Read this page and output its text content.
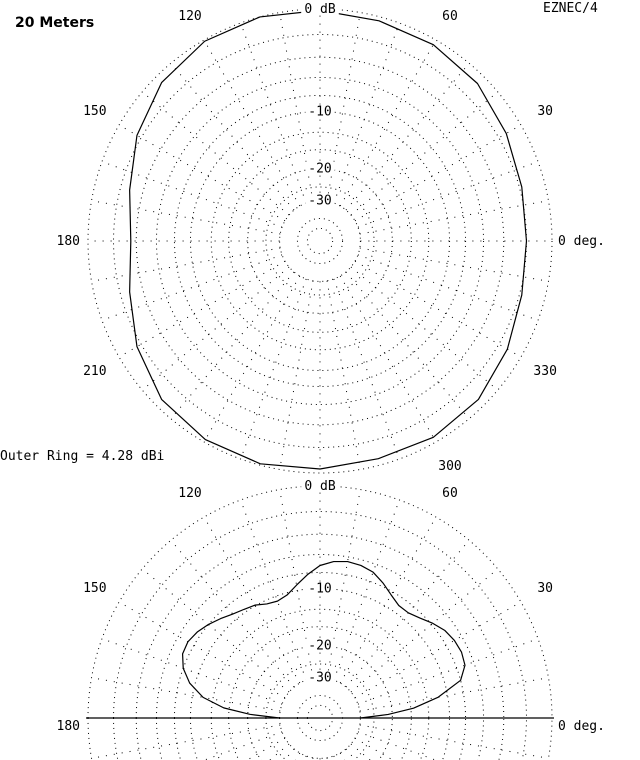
0 dB
-10
-20
-30
0 deg.
30
60
120
150
180
210
300
330
0 dB
-10
-20
-30
0 deg.
30
60
120
150
180
20 Meters
EZNEC/4
Outer Ring = 4.28 dBi
